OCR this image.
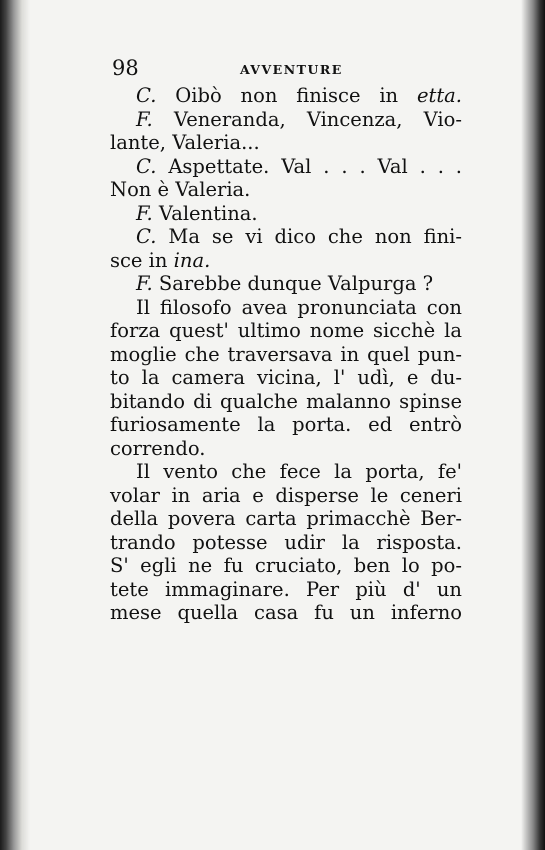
98	AVVENTURE
C. Oibò non finisce in etta.
F. Veneranda, Vincenza, Vio-
lante, Valeria...
C. Aspettate. Val . . . Val . . .
Non è Valeria.
F. Valentina.
C. Ma se vi dico che non fini-
sce in ina.
F. Sarebbe dunque Valpurga ?
Il filosofo avea pronunciata con
forza quest' ultimo nome sicchè la
moglie che traversava in quel pun-
to la camera vicina, l' udì, e du-
bitando di qualche malanno spinse
furiosamente la porta. ed entrò
correndo.
Il vento che fece la porta, fe'
volar in aria e disperse le ceneri
della povera carta primacchè Ber-
trando potesse udir la risposta.
S' egli ne fu cruciato, ben lo po-
tete immaginare. Per più d' un
mese quella casa fu un inferno
